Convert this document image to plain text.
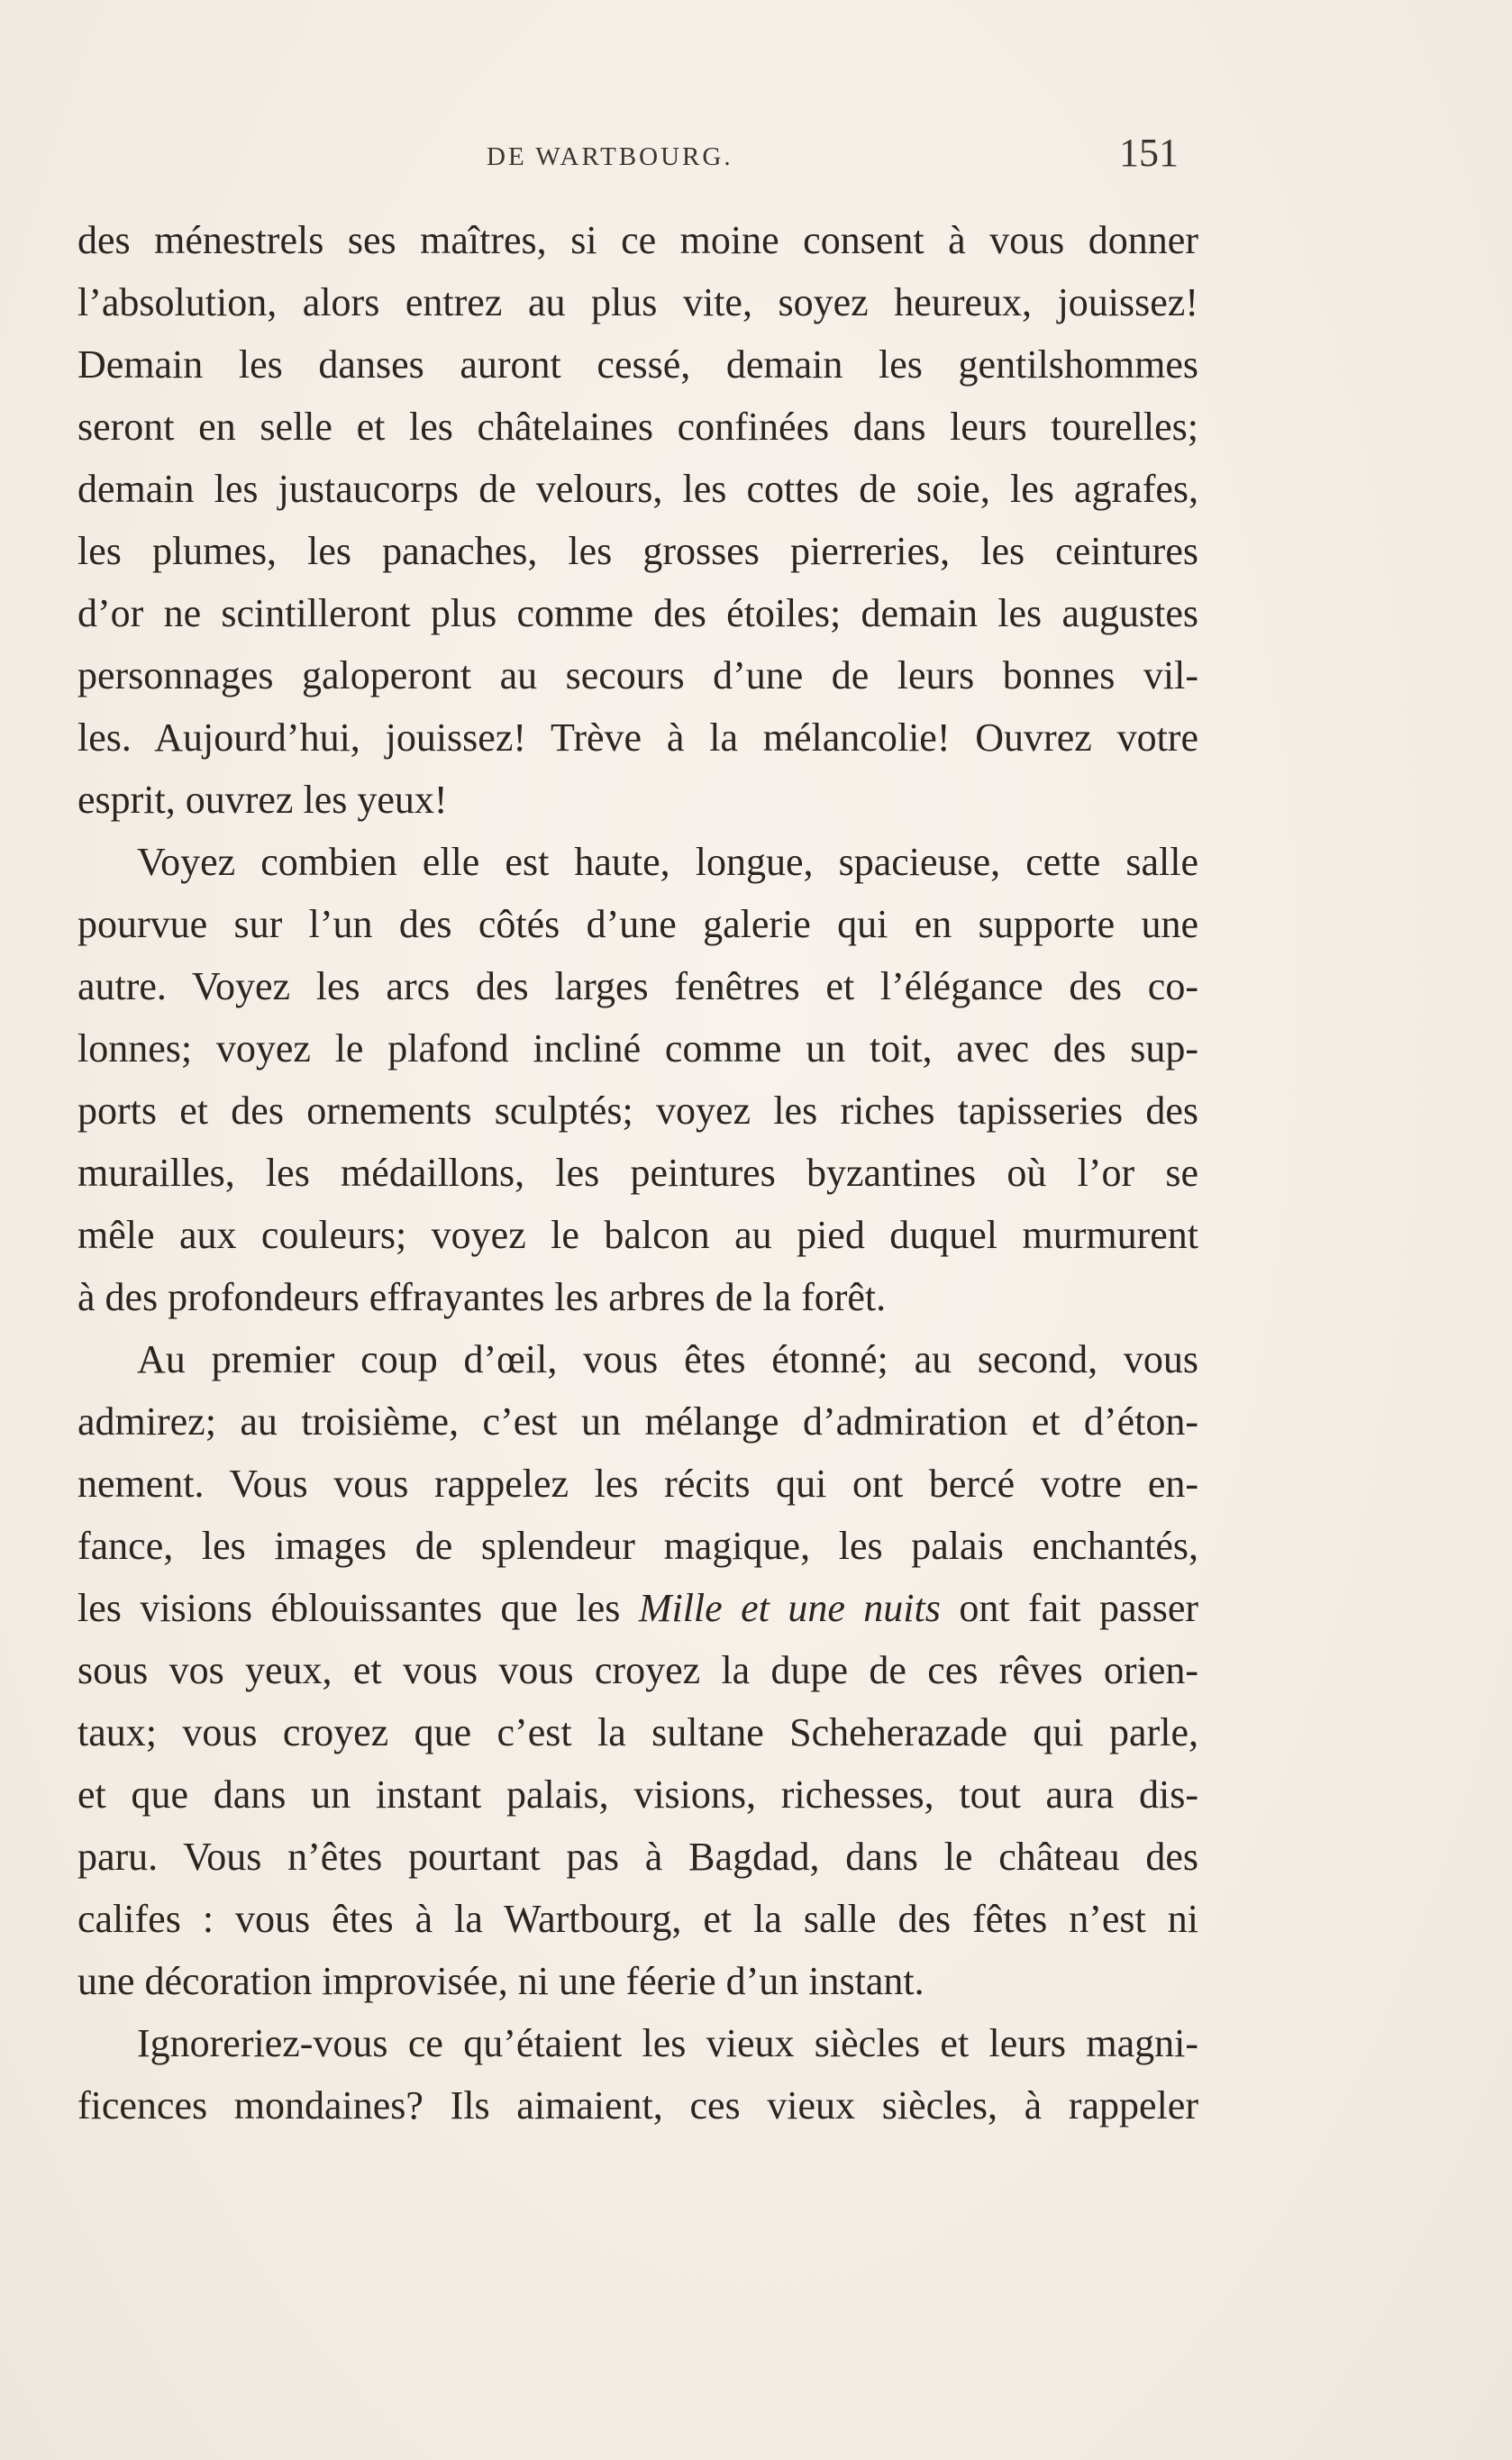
DE WARTBOURG.	151
des ménestrels ses maîtres, si ce moine consent à vous donner
l’absolution, alors entrez au plus vite, soyez heureux, jouissez!
Demain les danses auront cessé, demain les gentilshommes
seront en selle et les châtelaines confinées dans leurs tourelles;
demain les justaucorps de velours, les cottes de soie, les agrafes,
les plumes, les panaches, les grosses pierreries, les ceintures
d’or ne scintilleront plus comme des étoiles; demain les augustes
personnages galoperont au secours d’une de leurs bonnes vil-
les. Aujourd’hui, jouissez! Trève à la mélancolie! Ouvrez votre
esprit, ouvrez les yeux!
Voyez combien elle est haute, longue, spacieuse, cette salle
pourvue sur l’un des côtés d’une galerie qui en supporte une
autre. Voyez les arcs des larges fenêtres et l’élégance des co-
lonnes; voyez le plafond incliné comme un toit, avec des sup-
ports et des ornements sculptés; voyez les riches tapisseries des
murailles, les médaillons, les peintures byzantines où l’or se
mêle aux couleurs; voyez le balcon au pied duquel murmurent
à des profondeurs effrayantes les arbres de la forêt.
Au premier coup d’œil, vous êtes étonné; au second, vous
admirez; au troisième, c’est un mélange d’admiration et d’éton-
nement. Vous vous rappelez les récits qui ont bercé votre en-
fance, les images de splendeur magique, les palais enchantés,
les visions éblouissantes que les Mille et une nuits ont fait passer
sous vos yeux, et vous vous croyez la dupe de ces rêves orien-
taux; vous croyez que c’est la sultane Scheherazade qui parle,
et que dans un instant palais, visions, richesses, tout aura dis-
paru. Vous n’êtes pourtant pas à Bagdad, dans le château des
califes : vous êtes à la Wartbourg, et la salle des fêtes n’est ni
une décoration improvisée, ni une féerie d’un instant.
Ignoreriez-vous ce qu’étaient les vieux siècles et leurs magni-
ficences mondaines? Ils aimaient, ces vieux siècles, à rappeler
